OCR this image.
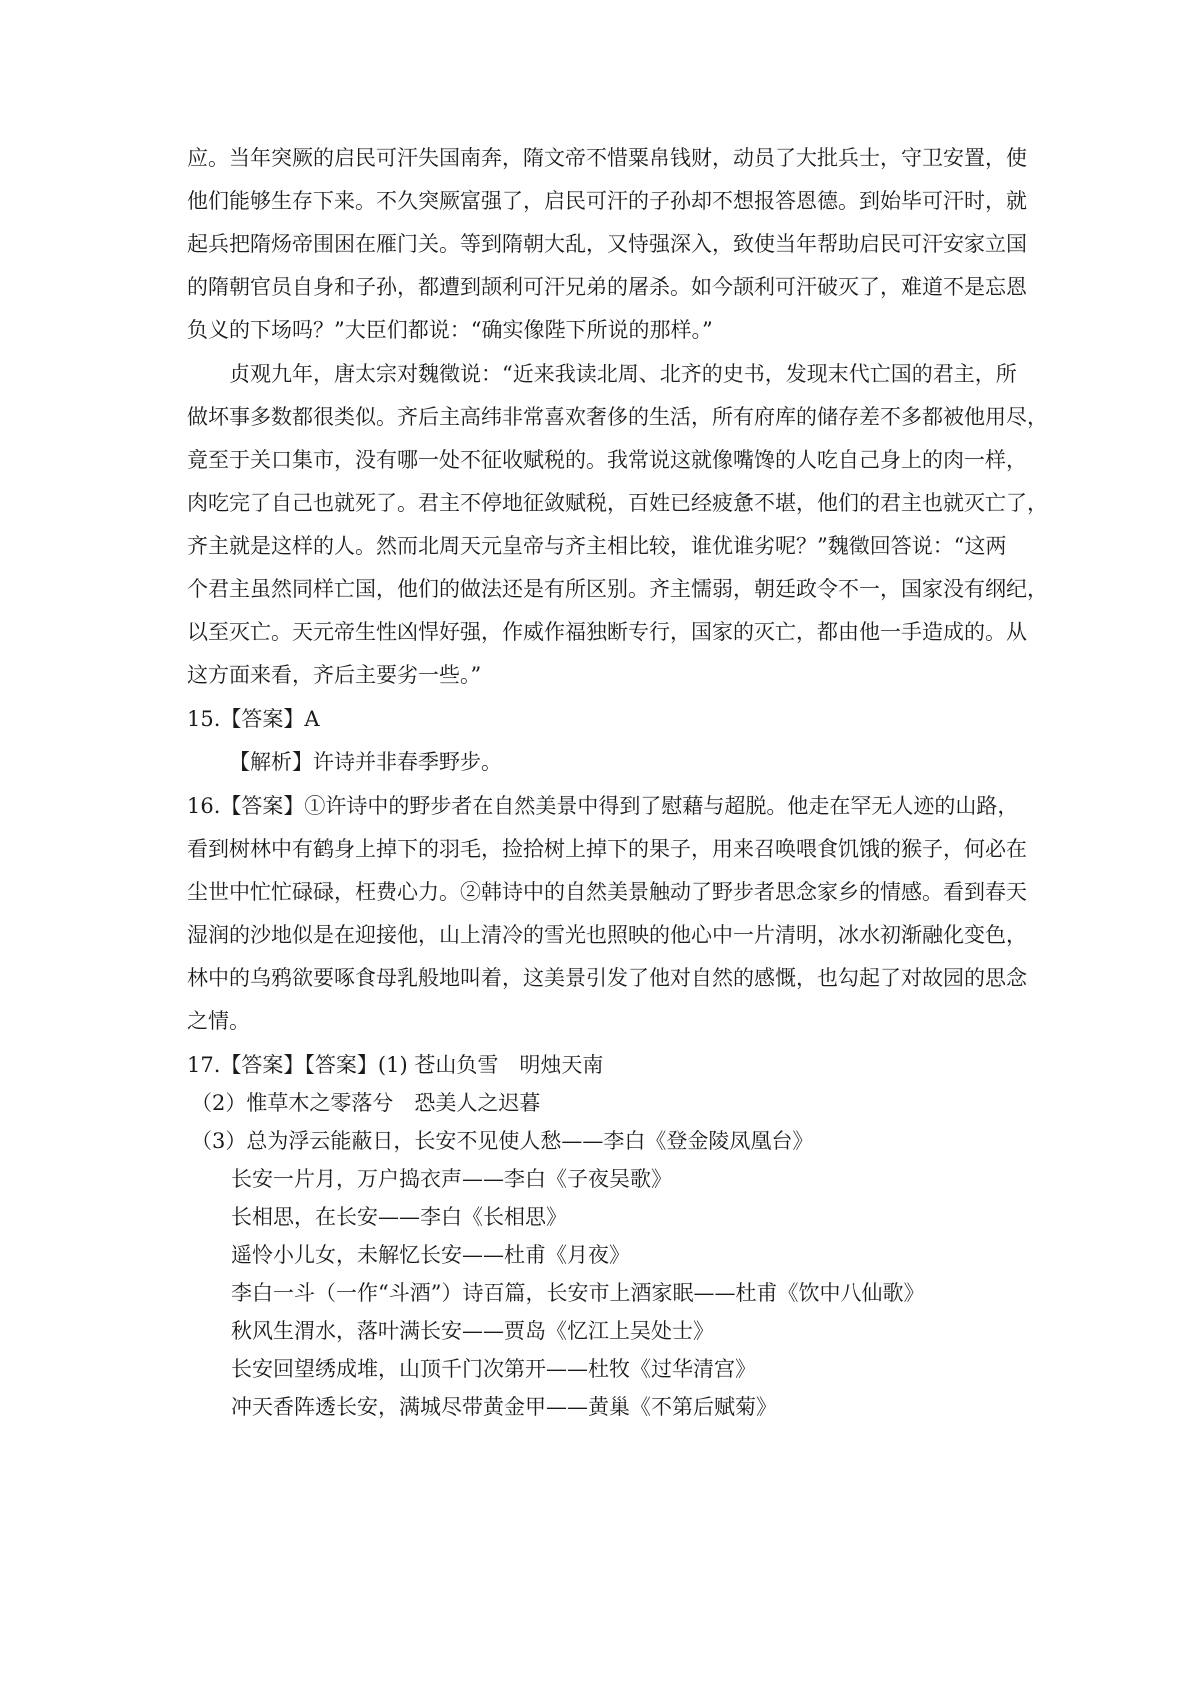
应。当年突厥的启民可汗失国南奔，隋文帝不惜粟帛钱财，动员了大批兵士，守卫安置，使
他们能够生存下来。不久突厥富强了，启民可汗的子孙却不想报答恩德。到始毕可汗时，就
起兵把隋炀帝围困在雁门关。等到隋朝大乱，又恃强深入，致使当年帮助启民可汗安家立国
的隋朝官员自身和子孙，都遭到颉利可汗兄弟的屠杀。如今颉利可汗破灭了，难道不是忘恩
负义的下场吗？”大臣们都说：“确实像陛下所说的那样。”
贞观九年，唐太宗对魏徵说：“近来我读北周、北齐的史书，发现末代亡国的君主，所
做坏事多数都很类似。齐后主高纬非常喜欢奢侈的生活，所有府库的储存差不多都被他用尽，
竟至于关口集市，没有哪一处不征收赋税的。我常说这就像嘴馋的人吃自己身上的肉一样，
肉吃完了自己也就死了。君主不停地征敛赋税，百姓已经疲惫不堪，他们的君主也就灭亡了，
齐主就是这样的人。然而北周天元皇帝与齐主相比较，谁优谁劣呢？”魏徵回答说：“这两
个君主虽然同样亡国，他们的做法还是有所区别。齐主懦弱，朝廷政令不一，国家没有纲纪，
以至灭亡。天元帝生性凶悍好强，作威作福独断专行，国家的灭亡，都由他一手造成的。从
这方面来看，齐后主要劣一些。”
15.【答案】A
【解析】许诗并非春季野步。
16.【答案】①许诗中的野步者在自然美景中得到了慰藉与超脱。他走在罕无人迹的山路，
看到树林中有鹤身上掉下的羽毛，捡拾树上掉下的果子，用来召唤喂食饥饿的猴子，何必在
尘世中忙忙碌碌，枉费心力。②韩诗中的自然美景触动了野步者思念家乡的情感。看到春天
湿润的沙地似是在迎接他，山上清冷的雪光也照映的他心中一片清明，冰水初渐融化变色，
林中的乌鸦欲要啄食母乳般地叫着，这美景引发了他对自然的感慨，也勾起了对故园的思念
之情。
17.【答案】【答案】(1) 苍山负雪　明烛天南
（2）惟草木之零落兮　恐美人之迟暮
（3）总为浮云能蔽日，长安不见使人愁——李白《登金陵凤凰台》
长安一片月，万户捣衣声——李白《子夜吴歌》
长相思，在长安——李白《长相思》
遥怜小儿女，未解忆长安——杜甫《月夜》
李白一斗（一作“斗酒”）诗百篇，长安市上酒家眠——杜甫《饮中八仙歌》
秋风生渭水，落叶满长安——贾岛《忆江上吴处士》
长安回望绣成堆，山顶千门次第开——杜牧《过华清宫》
冲天香阵透长安，满城尽带黄金甲——黄巢《不第后赋菊》
